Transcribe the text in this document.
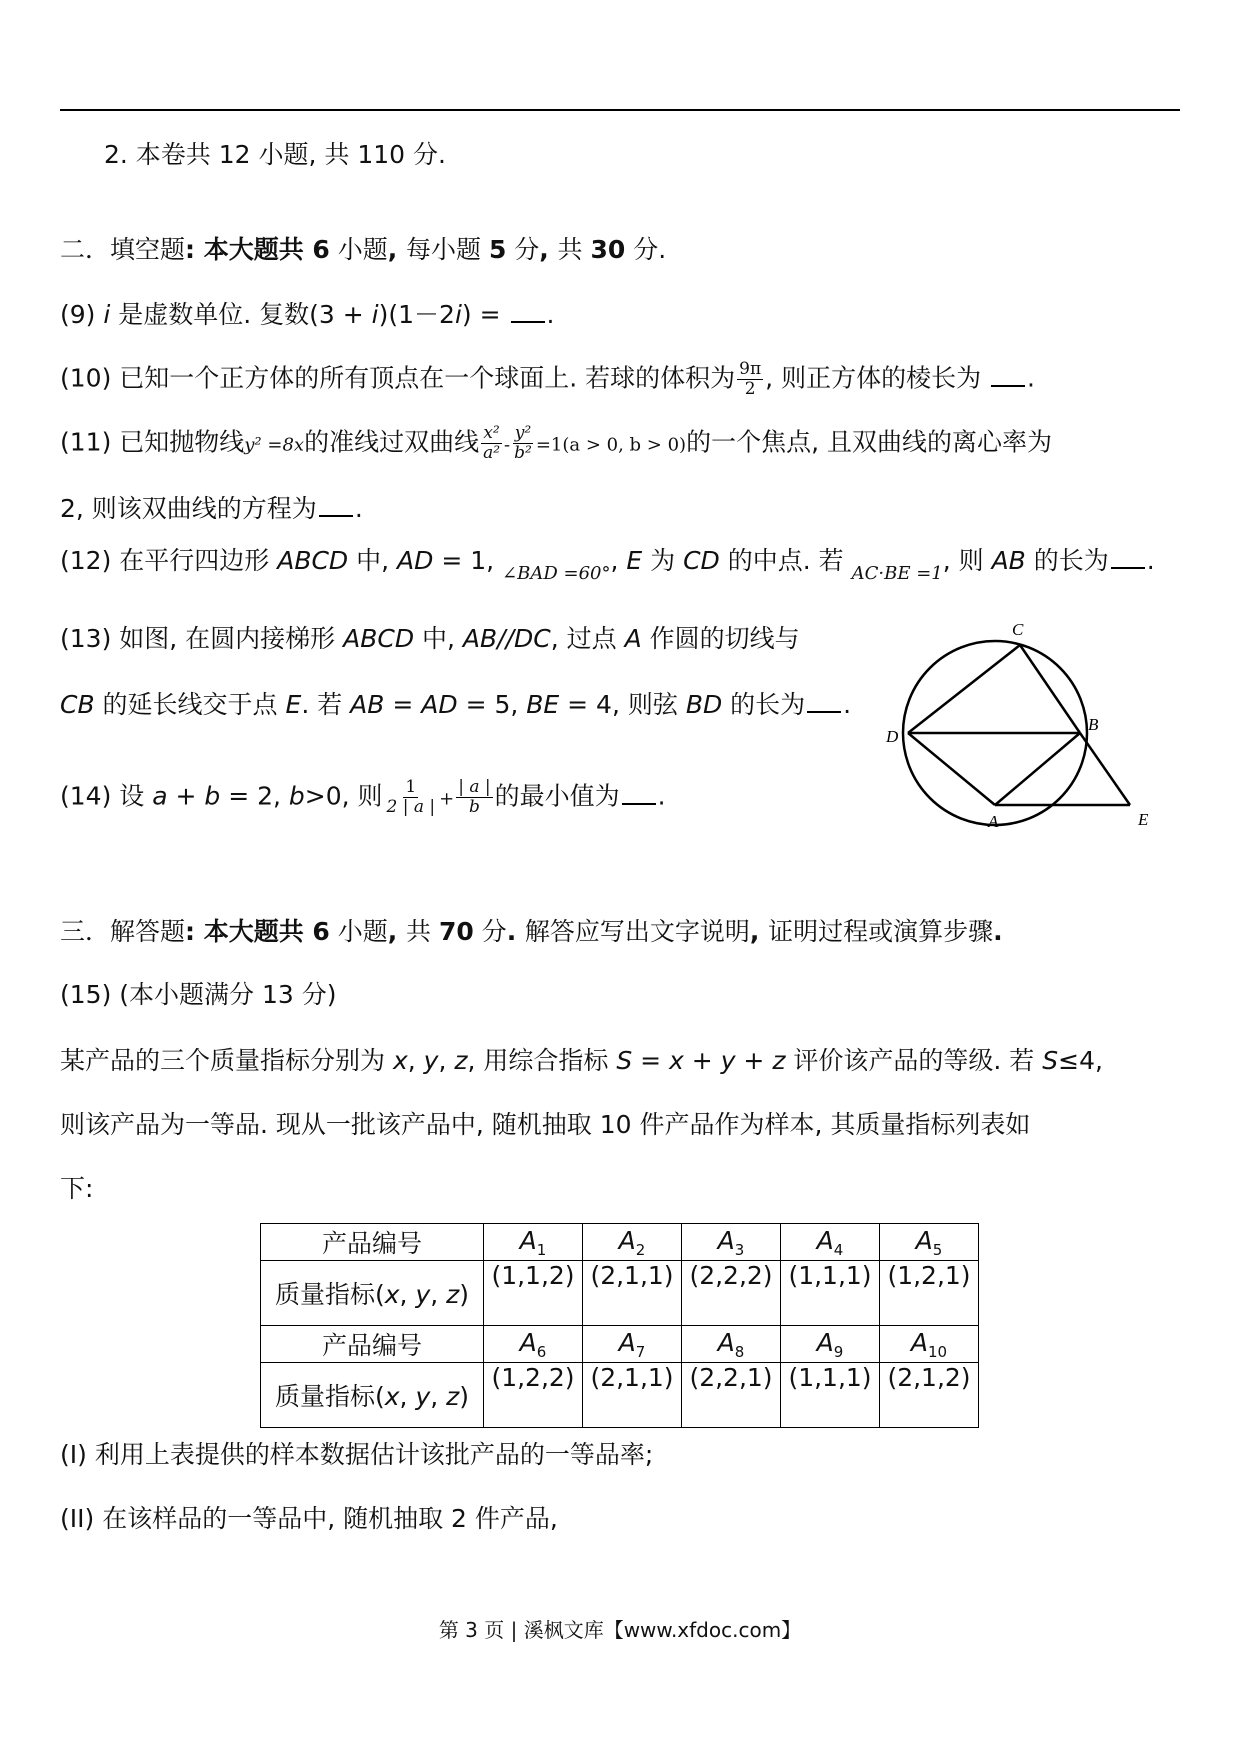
2. 本卷共 12 小题, 共 110 分.
二．填空题: 本大题共 6 小题, 每小题 5 分, 共 30 分.
(9) i 是虚数单位. 复数(3 + i)(1－2i) = .
(10) 已知一个正方体的所有顶点在一个球面上. 若球的体积为 $\frac{9\pi}{2}$ , 则正方体的棱长为 .
(11) 已知抛物线y² =8x的准线过双曲线 $\frac{\text{x²}}{\text{a²}} - \frac{\text{y²}}{\text{b²}} =1(a > 0$, b > 0)的一个焦点, 且双曲线的离心率为
2, 则该双曲线的方程为 .
(12) 在平行四边形 ABCD 中, AD = 1, $_{\angle BAD =60^\circ}$, E 为 CD 的中点. 若 $_{AC\cdot BE =1}$, 则 AB 的长为 .
(13) 如图, 在圆内接梯形 ABCD 中, AB//DC, 过点 A 作圆的切线与
CB 的延长线交于点 E. 若 AB = AD = 5, BE = 4, 则弦 BD 的长为 .
(14) 设 a + b = 2, b>0, 则 $\frac{1}{2 | a |} + \frac{| a |}{b}$ 的最小值为 .
C
B
D
A	E
三．解答题: 本大题共 6 小题, 共 70 分. 解答应写出文字说明, 证明过程或演算步骤.
(15) (本小题满分 13 分)
某产品的三个质量指标分别为 x, y, z, 用综合指标 S = x + y + z 评价该产品的等级. 若 S≤4,
则该产品为一等品. 现从一批该产品中, 随机抽取 10 件产品作为样本, 其质量指标列表如
下:
产品编号	$A_1$	$A_2$	$A_3$	$A_4$	$A_5$
质量指标(x, y, z)	(1,1,2)	(2,1,1)	(2,2,2)	(1,1,1)	(1,2,1)
产品编号	$A_6$	$A_7$	$A_8$	$A_9$	$A_{10}$
质量指标(x, y, z)	(1,2,2)	(2,1,1)	(2,2,1)	(1,1,1)	(2,1,2)
(I) 利用上表提供的样本数据估计该批产品的一等品率;
(II) 在该样品的一等品中, 随机抽取 2 件产品,
第 3 页 | 溪枫文库【www.xfdoc.com】
